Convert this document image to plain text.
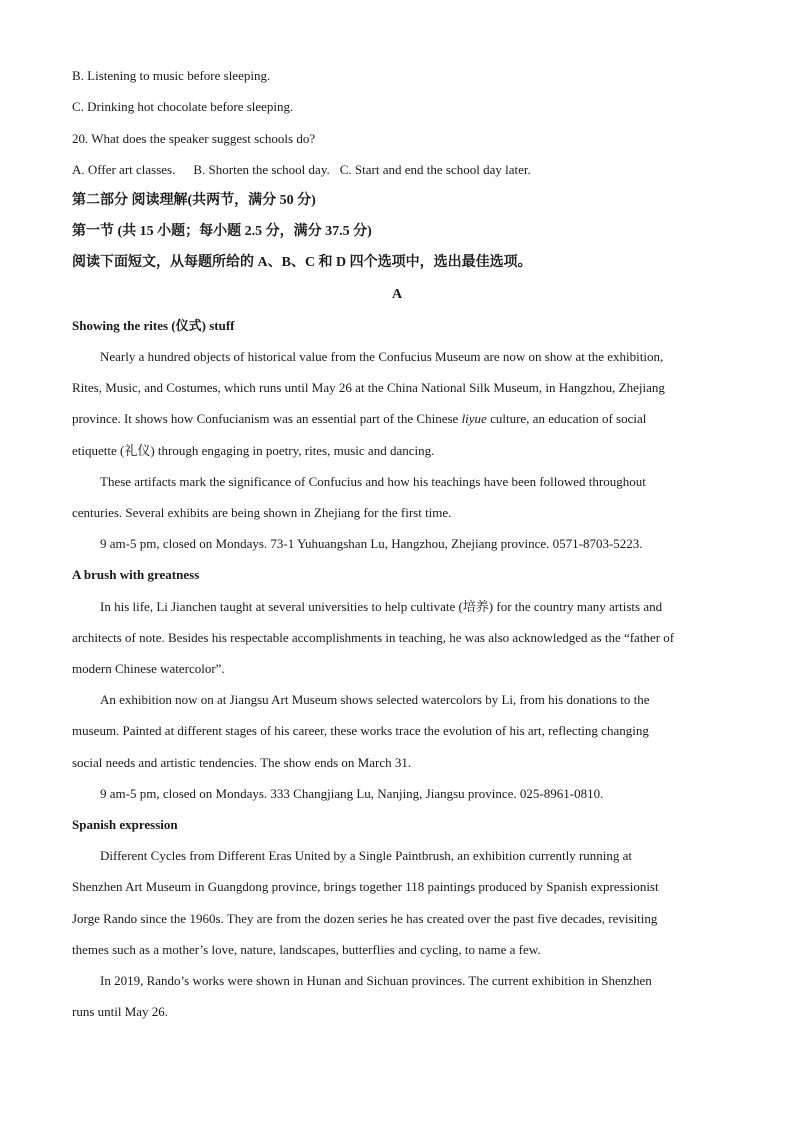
B. Listening to music before sleeping.
C. Drinking hot chocolate before sleeping.
20. What does the speaker suggest schools do?
A. Offer art classes. B. Shorten the school day. C. Start and end the school day later.
第二部分 阅读理解(共两节，满分 50 分)
第一节 (共 15 小题；每小题 2.5 分，满分 37.5 分)
阅读下面短文，从每题所给的 A、B、C 和 D 四个选项中，选出最佳选项。
A
Showing the rites (仪式) stuff
Nearly a hundred objects of historical value from the Confucius Museum are now on show at the exhibition,
Rites, Music, and Costumes, which runs until May 26 at the China National Silk Museum, in Hangzhou, Zhejiang
province. It shows how Confucianism was an essential part of the Chinese liyue culture, an education of social
etiquette (礼仪) through engaging in poetry, rites, music and dancing.
These artifacts mark the significance of Confucius and how his teachings have been followed throughout
centuries. Several exhibits are being shown in Zhejiang for the first time.
9 am-5 pm, closed on Mondays. 73-1 Yuhuangshan Lu, Hangzhou, Zhejiang province. 0571-8703-5223.
A brush with greatness
In his life, Li Jianchen taught at several universities to help cultivate (培养) for the country many artists and
architects of note. Besides his respectable accomplishments in teaching, he was also acknowledged as the “father of
modern Chinese watercolor”.
An exhibition now on at Jiangsu Art Museum shows selected watercolors by Li, from his donations to the
museum. Painted at different stages of his career, these works trace the evolution of his art, reflecting changing
social needs and artistic tendencies. The show ends on March 31.
9 am-5 pm, closed on Mondays. 333 Changjiang Lu, Nanjing, Jiangsu province. 025-8961-0810.
Spanish expression
Different Cycles from Different Eras United by a Single Paintbrush, an exhibition currently running at
Shenzhen Art Museum in Guangdong province, brings together 118 paintings produced by Spanish expressionist
Jorge Rando since the 1960s. They are from the dozen series he has created over the past five decades, revisiting
themes such as a mother’s love, nature, landscapes, butterflies and cycling, to name a few.
In 2019, Rando’s works were shown in Hunan and Sichuan provinces. The current exhibition in Shenzhen
runs until May 26.
